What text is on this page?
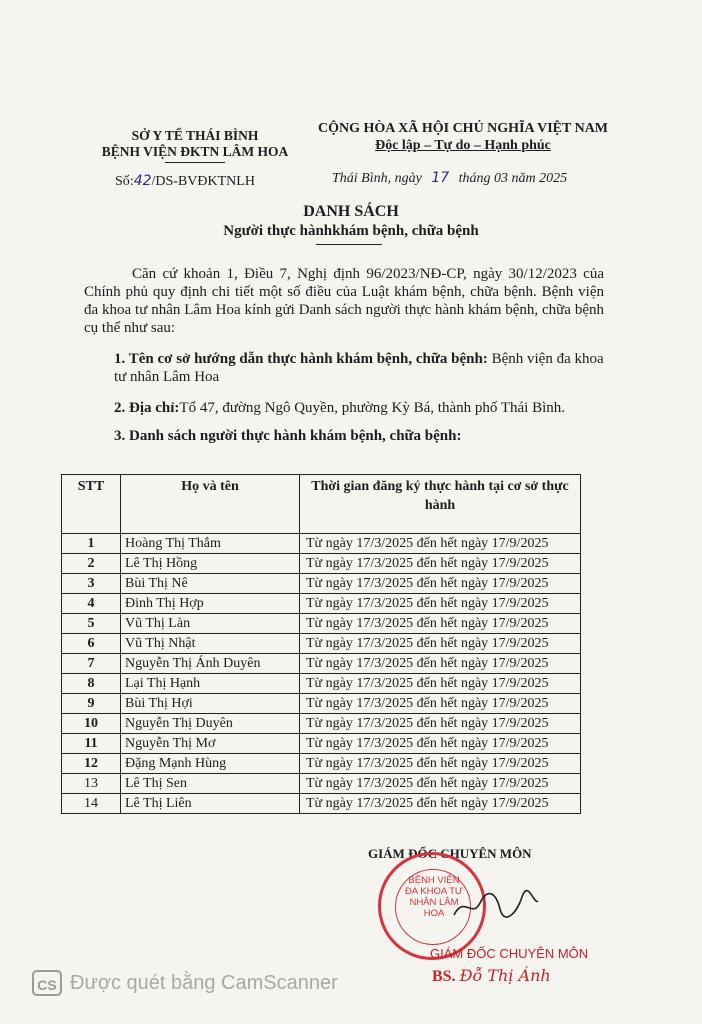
SỞ Y TẾ THÁI BÌNH
BỆNH VIỆN ĐKTN LÂM HOA
Số:42/DS-BVĐKTNLH
CỘNG HÒA XÃ HỘI CHỦ NGHĨA VIỆT NAM
Độc lập – Tự do – Hạnh phúc
Thái Bình, ngày 17 tháng 03 năm 2025
DANH SÁCH
Người thực hànhkhám bệnh, chữa bệnh
Căn cứ khoản 1, Điều 7, Nghị định 96/2023/NĐ-CP, ngày 30/12/2023 của Chính phủ quy định chi tiết một số điều của Luật khám bệnh, chữa bệnh. Bệnh viện đa khoa tư nhân Lâm Hoa kính gửi Danh sách người thực hành khám bệnh, chữa bệnh cụ thể như sau:
1. Tên cơ sở hướng dẫn thực hành khám bệnh, chữa bệnh: Bệnh viện đa khoa tư nhân Lâm Hoa
2. Địa chỉ:Tổ 47, đường Ngô Quyền, phường Kỳ Bá, thành phố Thái Bình.
3. Danh sách người thực hành khám bệnh, chữa bệnh:
STT	Họ và tên	Thời gian đăng ký thực hành tại cơ sở thực hành
1	Hoàng Thị Thắm	Từ ngày 17/3/2025 đến hết ngày 17/9/2025
2	Lê Thị Hồng	Từ ngày 17/3/2025 đến hết ngày 17/9/2025
3	Bùi Thị Nê	Từ ngày 17/3/2025 đến hết ngày 17/9/2025
4	Đinh Thị Hợp	Từ ngày 17/3/2025 đến hết ngày 17/9/2025
5	Vũ Thị Làn	Từ ngày 17/3/2025 đến hết ngày 17/9/2025
6	Vũ Thị Nhật	Từ ngày 17/3/2025 đến hết ngày 17/9/2025
7	Nguyễn Thị Ánh Duyên	Từ ngày 17/3/2025 đến hết ngày 17/9/2025
8	Lại Thị Hạnh	Từ ngày 17/3/2025 đến hết ngày 17/9/2025
9	Bùi Thị Hợi	Từ ngày 17/3/2025 đến hết ngày 17/9/2025
10	Nguyễn Thị Duyên	Từ ngày 17/3/2025 đến hết ngày 17/9/2025
11	Nguyễn Thị Mơ	Từ ngày 17/3/2025 đến hết ngày 17/9/2025
12	Đặng Mạnh Hùng	Từ ngày 17/3/2025 đến hết ngày 17/9/2025
13	Lê Thị Sen	Từ ngày 17/3/2025 đến hết ngày 17/9/2025
14	Lê Thị Liên	Từ ngày 17/3/2025 đến hết ngày 17/9/2025
GIÁM ĐỐC CHUYÊN MÔN
BỆNH VIỆN ĐA KHOA TƯ NHÂN LÂM HOA
GIÁM ĐỐC CHUYÊN MÔN
BS. Đỗ Thị Ánh
CS Được quét bằng CamScanner
